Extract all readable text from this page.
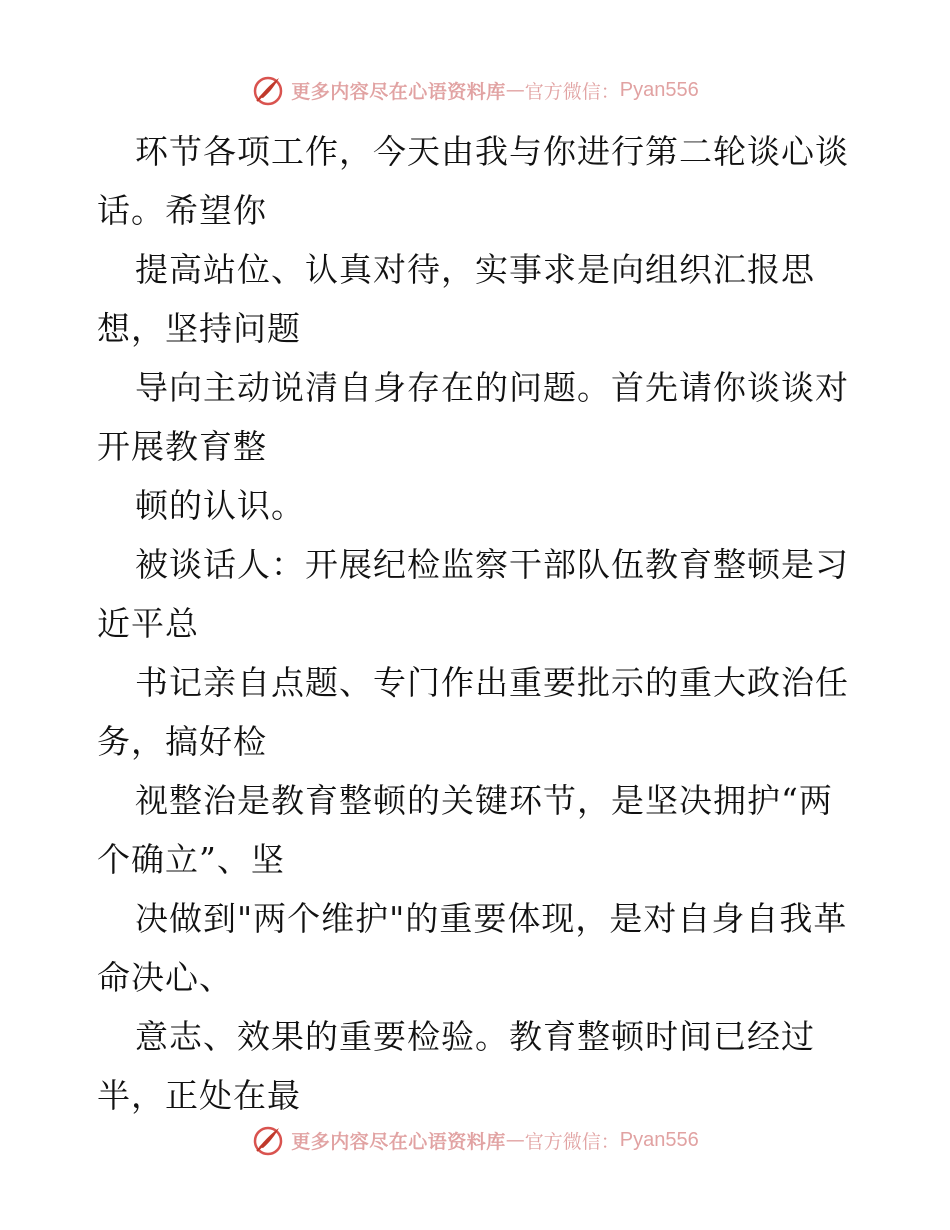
更多内容尽在心语资料库 — 官方微信： Pyan556
环节各项工作，今天由我与你进行第二轮谈心谈
话。希望你
提高站位、认真对待，实事求是向组织汇报思
想，坚持问题
导向主动说清自身存在的问题。首先请你谈谈对
开展教育整
顿的认识。
被谈话人：开展纪检监察干部队伍教育整顿是习
近平总
书记亲自点题、专门作出重要批示的重大政治任
务，搞好检
视整治是教育整顿的关键环节，是坚决拥护“两
个确立”、坚
决做到"两个维护"的重要体现，是对自身自我革
命决心、
意志、效果的重要检验。教育整顿时间已经过
半，正处在最
更多内容尽在心语资料库 — 官方微信： Pyan556
